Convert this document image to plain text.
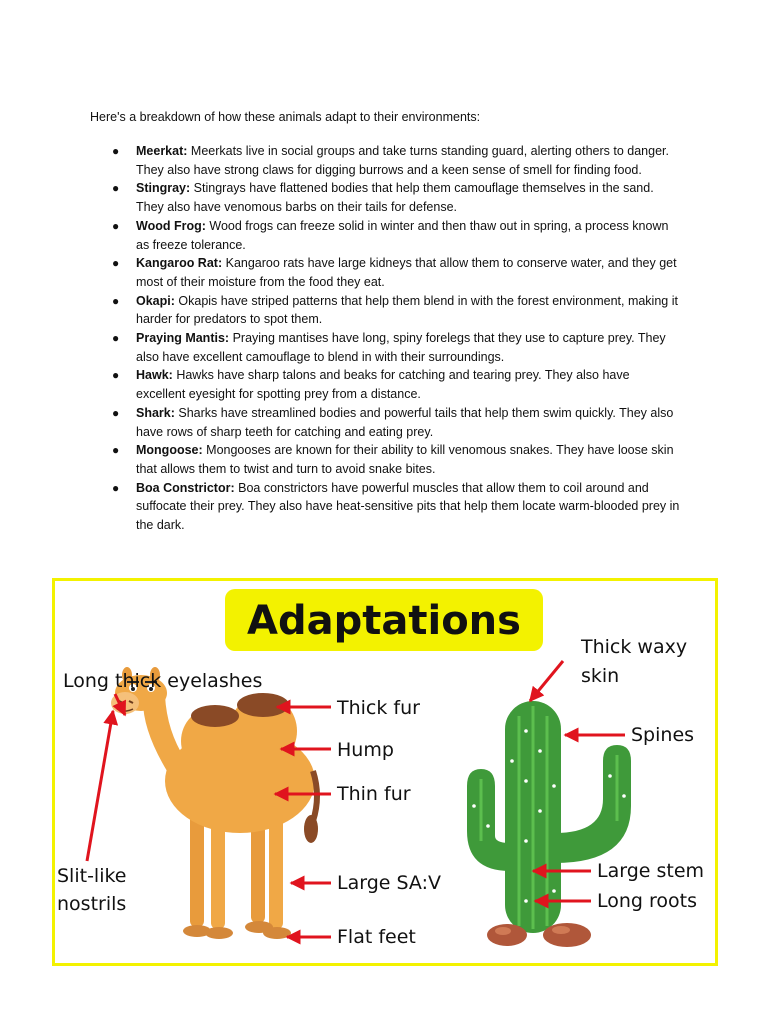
Here's a breakdown of how these animals adapt to their environments:
● Meerkat: Meerkats live in social groups and take turns standing guard, alerting others to danger. They also have strong claws for digging burrows and a keen sense of smell for finding food.
● Stingray: Stingrays have flattened bodies that help them camouflage themselves in the sand. They also have venomous barbs on their tails for defense.
● Wood Frog: Wood frogs can freeze solid in winter and then thaw out in spring, a process known as freeze tolerance.
● Kangaroo Rat: Kangaroo rats have large kidneys that allow them to conserve water, and they get most of their moisture from the food they eat.
● Okapi: Okapis have striped patterns that help them blend in with the forest environment, making it harder for predators to spot them.
● Praying Mantis: Praying mantises have long, spiny forelegs that they use to capture prey. They also have excellent camouflage to blend in with their surroundings.
● Hawk: Hawks have sharp talons and beaks for catching and tearing prey. They also have excellent eyesight for spotting prey from a distance.
● Shark: Sharks have streamlined bodies and powerful tails that help them swim quickly. They also have rows of sharp teeth for catching and eating prey.
● Mongoose: Mongooses are known for their ability to kill venomous snakes. They have loose skin that allows them to twist and turn to avoid snake bites.
● Boa Constrictor: Boa constrictors have powerful muscles that allow them to coil around and suffocate their prey. They also have heat-sensitive pits that help them locate warm-blooded prey in the dark.
Adaptations
Long thick eyelashes
Thick fur
Hump
Thin fur
Slit-like
nostrils
Large SA:V
Flat feet
Thick waxy
skin
Spines
Large stem
Long roots
